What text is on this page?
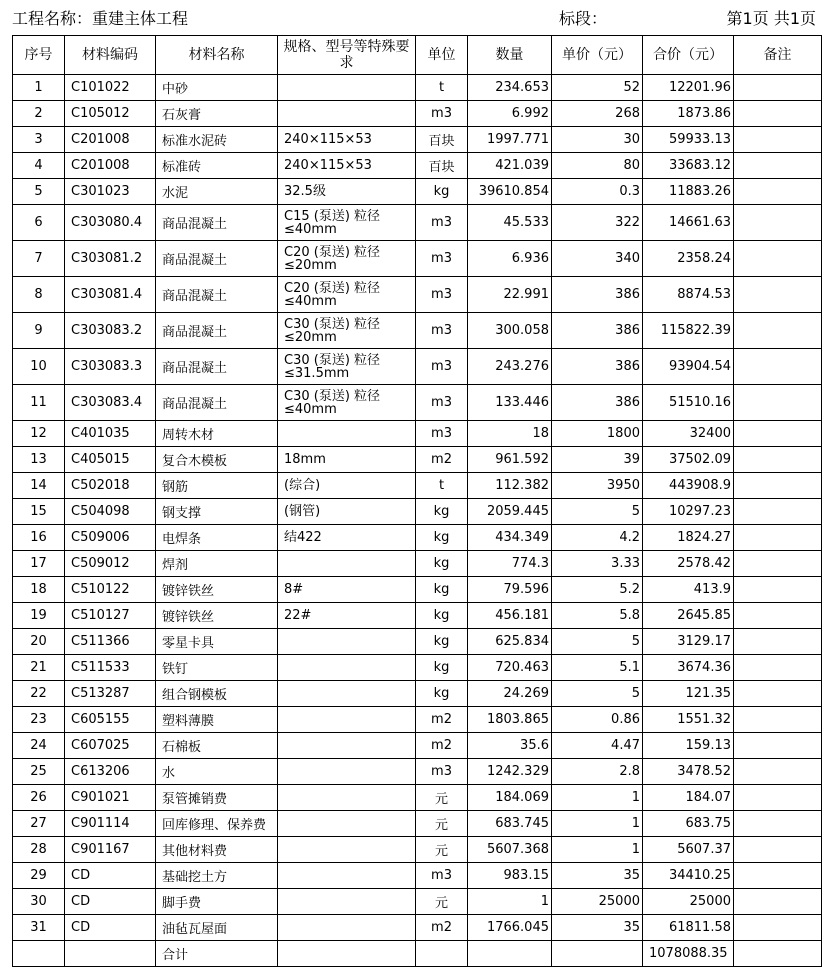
工程名称：重建主体工程	标段：	第1页 共1页
序号	材料编码	材料名称	规格、型号等特殊要求	单位	数量	单价（元）	合价（元）	备注
1	C101022	中砂		t	234.653	52	12201.96	
2	C105012	石灰膏		m3	6.992	268	1873.86	
3	C201008	标准水泥砖	240×115×53	百块	1997.771	30	59933.13	
4	C201008	标准砖	240×115×53	百块	421.039	80	33683.12	
5	C301023	水泥	32.5级	kg	39610.854	0.3	11883.26	
6	C303080.4	商品混凝土	C15 (泵送) 粒径≤40mm	m3	45.533	322	14661.63	
7	C303081.2	商品混凝土	C20 (泵送) 粒径≤20mm	m3	6.936	340	2358.24	
8	C303081.4	商品混凝土	C20 (泵送) 粒径≤40mm	m3	22.991	386	8874.53	
9	C303083.2	商品混凝土	C30 (泵送) 粒径≤20mm	m3	300.058	386	115822.39	
10	C303083.3	商品混凝土	C30 (泵送) 粒径≤31.5mm	m3	243.276	386	93904.54	
11	C303083.4	商品混凝土	C30 (泵送) 粒径≤40mm	m3	133.446	386	51510.16	
12	C401035	周转木材		m3	18	1800	32400	
13	C405015	复合木模板	18mm	m2	961.592	39	37502.09	
14	C502018	钢筋	(综合)	t	112.382	3950	443908.9	
15	C504098	钢支撑	(钢管)	kg	2059.445	5	10297.23	
16	C509006	电焊条	结422	kg	434.349	4.2	1824.27	
17	C509012	焊剂		kg	774.3	3.33	2578.42	
18	C510122	镀锌铁丝	8#	kg	79.596	5.2	413.9	
19	C510127	镀锌铁丝	22#	kg	456.181	5.8	2645.85	
20	C511366	零星卡具		kg	625.834	5	3129.17	
21	C511533	铁钉		kg	720.463	5.1	3674.36	
22	C513287	组合钢模板		kg	24.269	5	121.35	
23	C605155	塑料薄膜		m2	1803.865	0.86	1551.32	
24	C607025	石棉板		m2	35.6	4.47	159.13	
25	C613206	水		m3	1242.329	2.8	3478.52	
26	C901021	泵管摊销费		元	184.069	1	184.07	
27	C901114	回库修理、保养费		元	683.745	1	683.75	
28	C901167	其他材料费		元	5607.368	1	5607.37	
29	CD	基础挖土方		m3	983.15	35	34410.25	
30	CD	脚手费		元	1	25000	25000	
31	CD	油毡瓦屋面		m2	1766.045	35	61811.58	
		合计					1078088.35	
